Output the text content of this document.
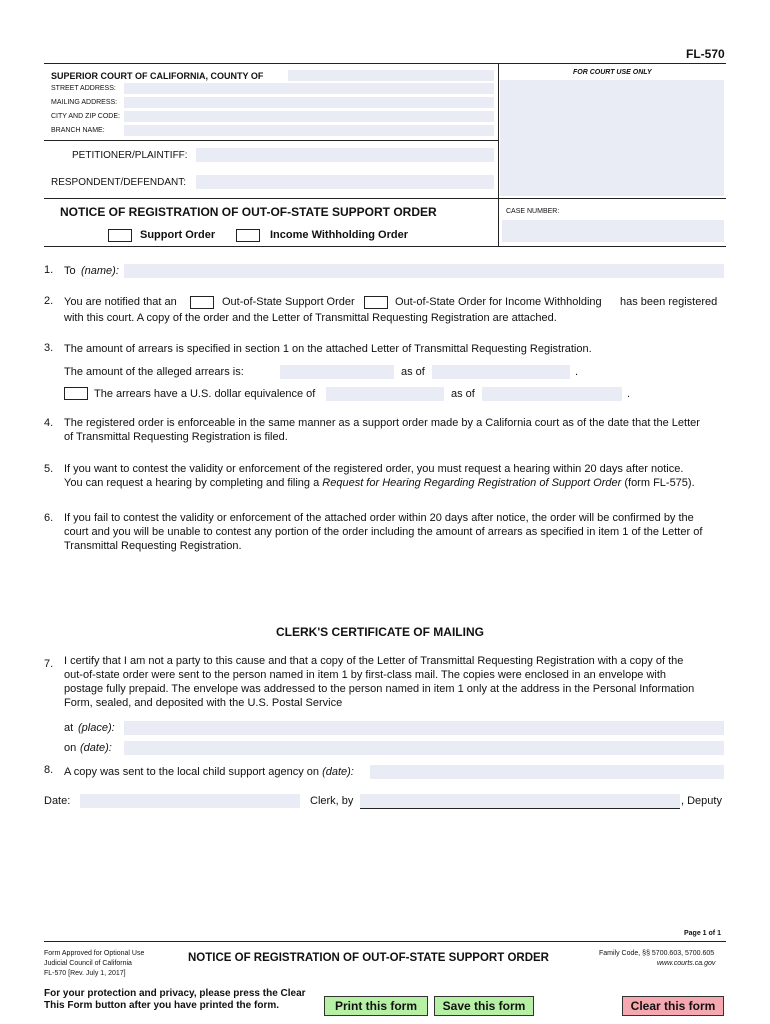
FL-570
FOR COURT USE ONLY
SUPERIOR COURT OF CALIFORNIA, COUNTY OF
STREET ADDRESS:
MAILING ADDRESS:
CITY AND ZIP CODE:
BRANCH NAME:
PETITIONER/PLAINTIFF:
RESPONDENT/DEFENDANT:
NOTICE OF REGISTRATION OF OUT-OF-STATE SUPPORT ORDER	CASE NUMBER:
Support Order	Income Withholding Order
1. To (name):
2. You are notified that an	Out-of-State Support Order	Out-of-State Order for Income Withholding has been registered
with this court. A copy of the order and the Letter of Transmittal Requesting Registration are attached.
3. The amount of arrears is specified in section 1 on the attached Letter of Transmittal Requesting Registration.
The amount of the alleged arrears is:	as of	.
The arrears have a U.S. dollar equivalence of	as of	.
4. The registered order is enforceable in the same manner as a support order made by a California court as of the date that the Letter
of Transmittal Requesting Registration is filed.
5. If you want to contest the validity or enforcement of the registered order, you must request a hearing within 20 days after notice.
You can request a hearing by completing and filing a Request for Hearing Regarding Registration of Support Order (form FL-575).
6. If you fail to contest the validity or enforcement of the attached order within 20 days after notice, the order will be confirmed by the
court and you will be unable to contest any portion of the order including the amount of arrears as specified in item 1 of the Letter of
Transmittal Requesting Registration.
CLERK'S CERTIFICATE OF MAILING
7. I certify that I am not a party to this cause and that a copy of the Letter of Transmittal Requesting Registration with a copy of the
out-of-state order were sent to the person named in item 1 by first-class mail. The copies were enclosed in an envelope with
postage fully prepaid. The envelope was addressed to the person named in item 1 only at the address in the Personal Information
Form, sealed, and deposited with the U.S. Postal Service
at (place):
on (date):
8. A copy was sent to the local child support agency on (date):
Date:	Clerk, by	, Deputy
Page 1 of 1
Form Approved for Optional Use
Judicial Council of California
FL-570 [Rev. July 1, 2017]
NOTICE OF REGISTRATION OF OUT-OF-STATE SUPPORT ORDER	Family Code, §§ 5700.603, 5700.605
www.courts.ca.gov
For your protection and privacy, please press the Clear
This Form button after you have printed the form.	Print this form	Save this form	Clear this form
